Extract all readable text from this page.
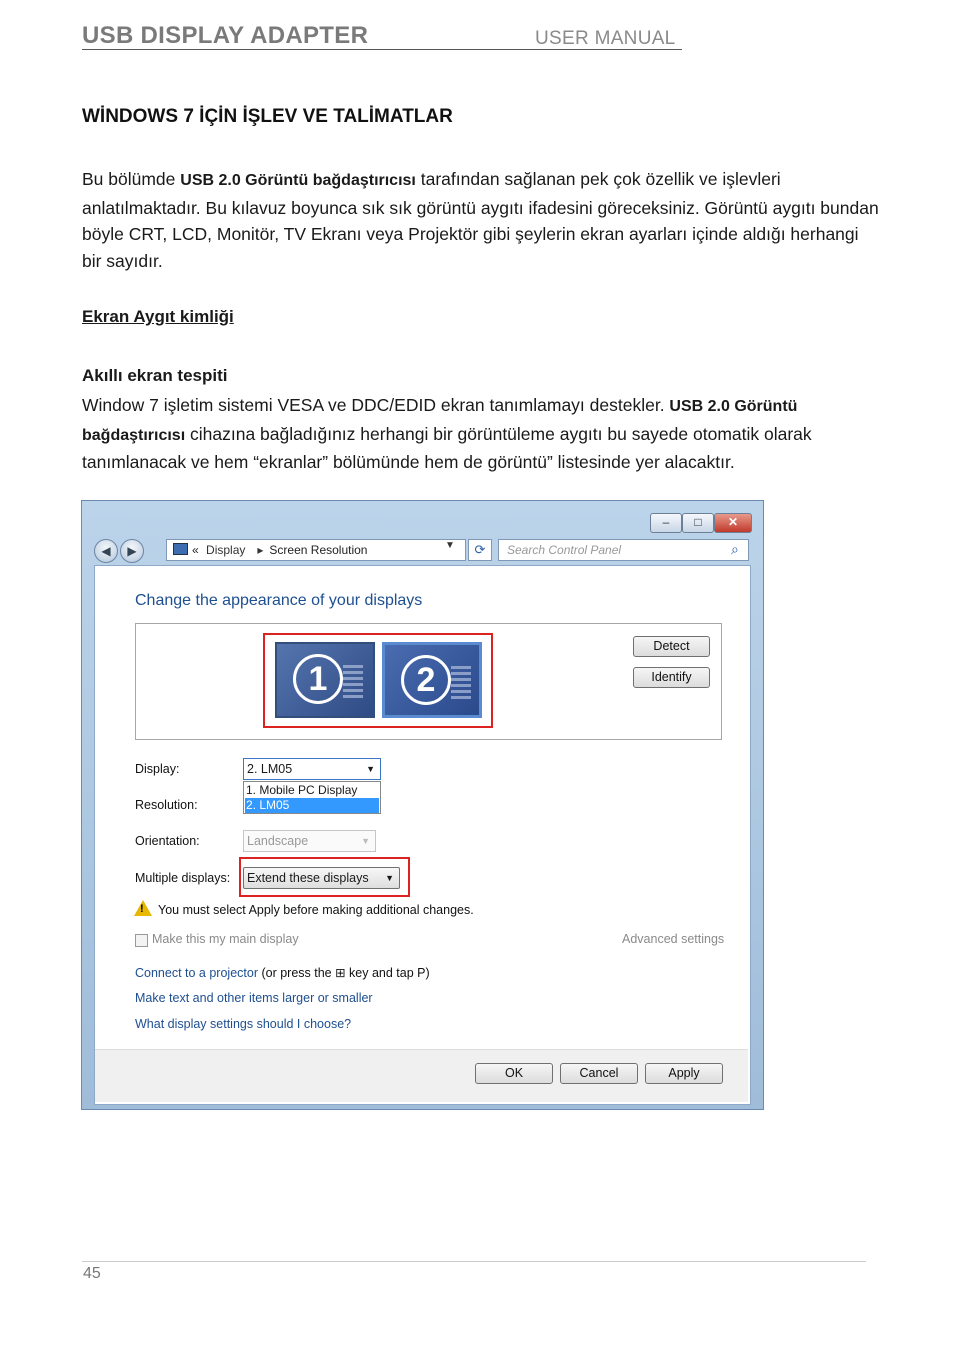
USB DISPLAY ADAPTER	USER MANUAL
WİNDOWS 7 İÇİN İŞLEV VE TALİMATLAR
Bu bölümde USB 2.0 Görüntü bağdaştırıcısı tarafından sağlanan pek çok özellik ve işlevleri anlatılmaktadır. Bu kılavuz boyunca sık sık görüntü aygıtı ifadesini göreceksiniz. Görüntü aygıtı bundan böyle CRT, LCD, Monitör, TV Ekranı veya Projektör gibi şeylerin ekran ayarları içinde aldığı herhangi bir sayıdır.
Ekran Aygıt kimliği
Akıllı ekran tespiti
Window 7 işletim sistemi VESA ve DDC/EDID ekran tanımlamayı destekler. USB 2.0 Görüntü bağdaştırıcısı cihazına bağladığınız herhangi bir görüntüleme aygıtı bu sayede otomatik olarak tanımlanacak ve hem “ekranlar” bölümünde hem de görüntü” listesinde yer alacaktır.
–	□	✕
◀	▶	« Display ▸ Screen Resolution	▼	⟳	Search Control Panel	⌕
Change the appearance of your displays
1	2
Detect
Identify
Display:	2. LM05	▼
1. Mobile PC Display
2. LM05
Resolution:
Orientation:	Landscape	▼
Multiple displays:	Extend these displays ▼
! You must select Apply before making additional changes.
Make this my main display	Advanced settings
Connect to a projector (or press the ⊞ key and tap P)
Make text and other items larger or smaller
What display settings should I choose?
OK	Cancel	Apply
45
